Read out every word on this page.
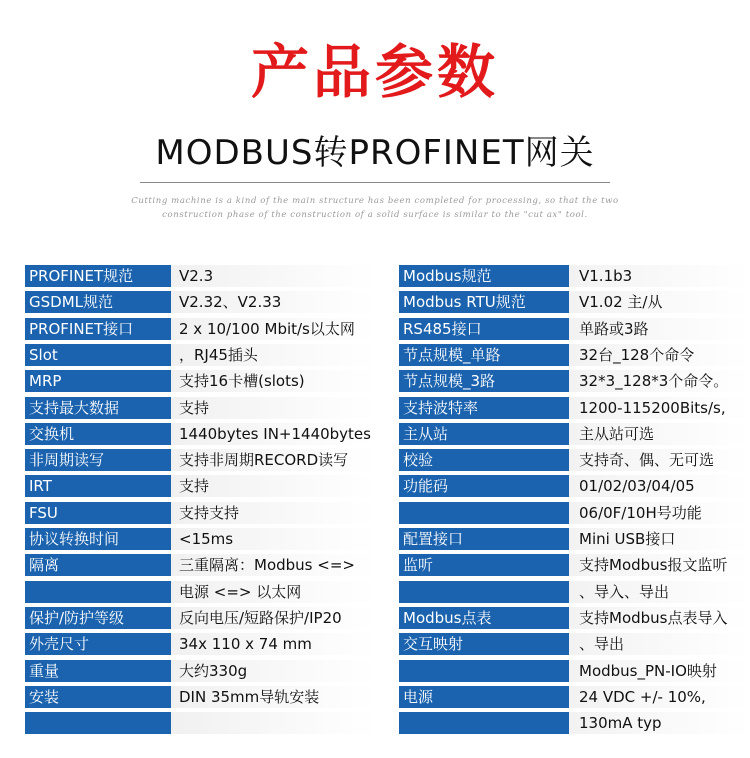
产品参数
MODBUS转PROFINET网关
Cutting machine is a kind of the main structure has been completed for processing, so that the two construction phase of the construction of a solid surface is similar to the "cut ax" tool.
PROFINET规范	V2.3
GSDML规范	V2.32、V2.33
PROFINET接口	2 x 10/100 Mbit/s以太网
Slot	，RJ45插头
MRP	支持16卡槽(slots)
支持最大数据	支持
交换机	1440bytes IN+1440bytes
非周期读写	支持非周期RECORD读写
IRT	支持
FSU	支持支持
协议转换时间	<15ms
隔离	三重隔离：Modbus <=>
电源 <=> 以太网
保护/防护等级	反向电压/短路保护/IP20
外壳尺寸	34x 110 x 74 mm
重量	大约330g
安装	DIN 35mm导轨安装
Modbus规范	V1.1b3
Modbus RTU规范	V1.02 主/从
RS485接口	单路或3路
节点规模_单路	32台_128个命令
节点规模_3路	32*3_128*3个命令。
支持波特率	1200-115200Bits/s,
主从站	主从站可选
校验	支持奇、偶、无可选
功能码	01/02/03/04/05
06/0F/10H号功能
配置接口	Mini USB接口
监听	支持Modbus报文监听
、导入、导出
Modbus点表	支持Modbus点表导入
交互映射	、导出
Modbus_PN-IO映射
电源	24 VDC +/- 10%,
130mA typ
